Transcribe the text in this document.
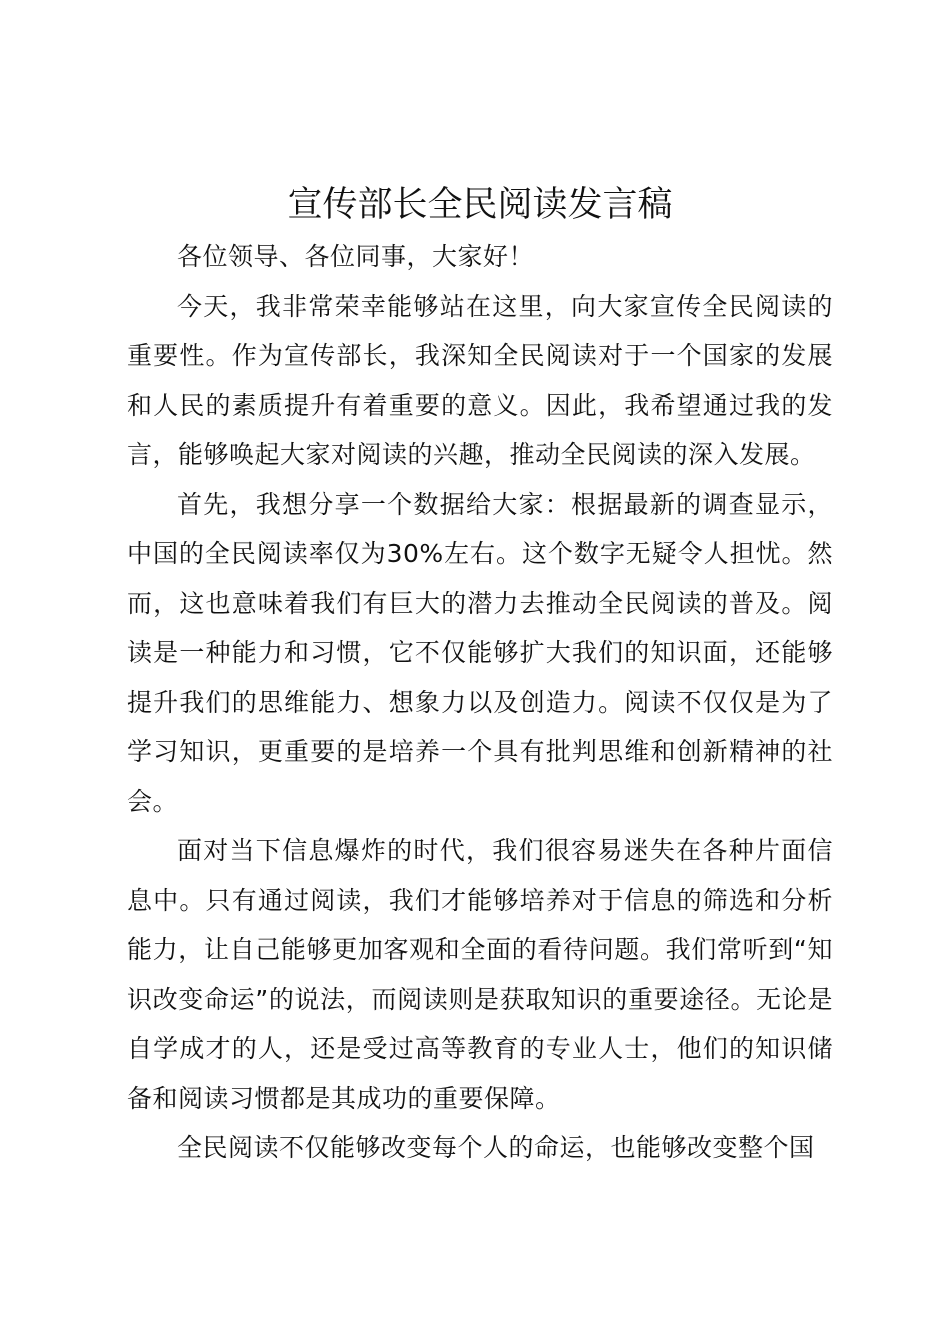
宣传部长全民阅读发言稿

各位领导、各位同事，大家好！

今天，我非常荣幸能够站在这里，向大家宣传全民阅读的重要性。作为宣传部长，我深知全民阅读对于一个国家的发展和人民的素质提升有着重要的意义。因此，我希望通过我的发言，能够唤起大家对阅读的兴趣，推动全民阅读的深入发展。

首先，我想分享一个数据给大家：根据最新的调查显示，中国的全民阅读率仅为30%左右。这个数字无疑令人担忧。然而，这也意味着我们有巨大的潜力去推动全民阅读的普及。阅读是一种能力和习惯，它不仅能够扩大我们的知识面，还能够提升我们的思维能力、想象力以及创造力。阅读不仅仅是为了学习知识，更重要的是培养一个具有批判思维和创新精神的社会。

面对当下信息爆炸的时代，我们很容易迷失在各种片面信息中。只有通过阅读，我们才能够培养对于信息的筛选和分析能力，让自己能够更加客观和全面的看待问题。我们常听到“知识改变命运”的说法，而阅读则是获取知识的重要途径。无论是自学成才的人，还是受过高等教育的专业人士，他们的知识储备和阅读习惯都是其成功的重要保障。

全民阅读不仅能够改变每个人的命运，也能够改变整个国
